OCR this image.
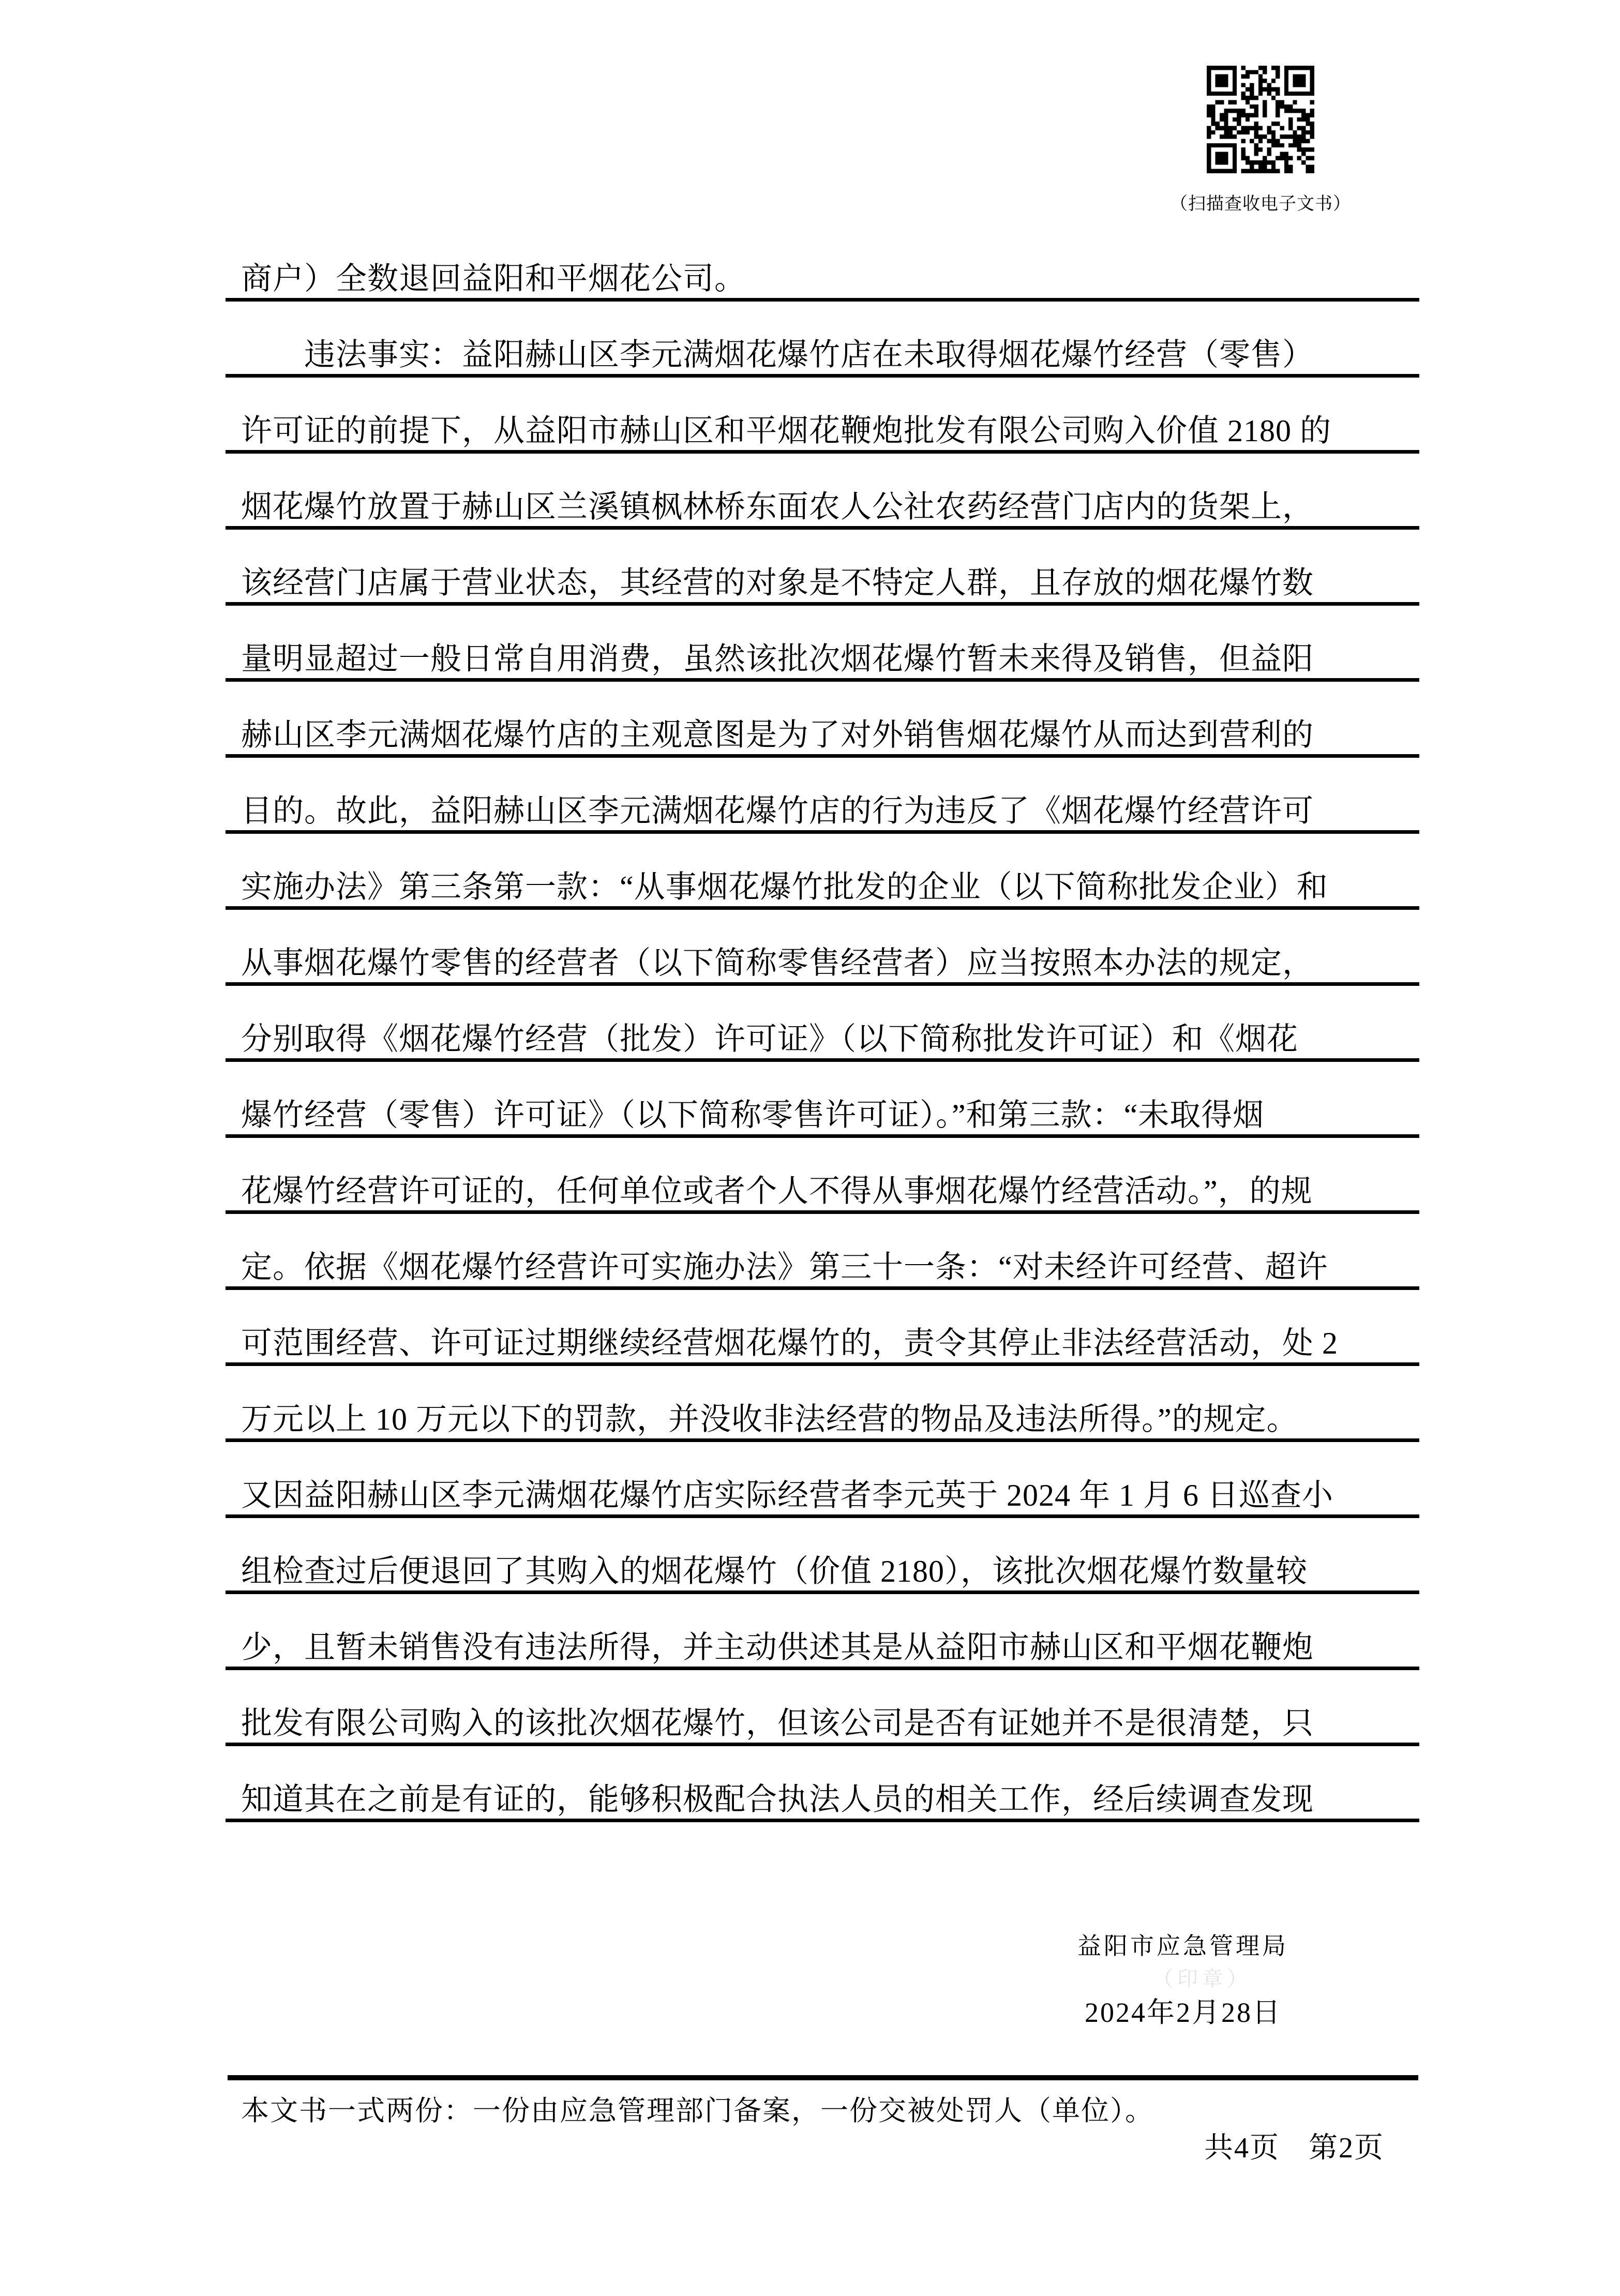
（扫描查收电子文书）
商户）全数退回益阳和平烟花公司。
违法事实：益阳赫山区李元满烟花爆竹店在未取得烟花爆竹经营（零售）
许可证的前提下，从益阳市赫山区和平烟花鞭炮批发有限公司购入价值 2180 的
烟花爆竹放置于赫山区兰溪镇枫林桥东面农人公社农药经营门店内的货架上，
该经营门店属于营业状态，其经营的对象是不特定人群，且存放的烟花爆竹数
量明显超过一般日常自用消费，虽然该批次烟花爆竹暂未来得及销售，但益阳
赫山区李元满烟花爆竹店的主观意图是为了对外销售烟花爆竹从而达到营利的
目的。故此，益阳赫山区李元满烟花爆竹店的行为违反了《烟花爆竹经营许可
实施办法》第三条第一款：“从事烟花爆竹批发的企业（以下简称批发企业）和
从事烟花爆竹零售的经营者（以下简称零售经营者）应当按照本办法的规定，
分别取得《烟花爆竹经营（批发）许可证》（以下简称批发许可证）和《烟花
爆竹经营（零售）许可证》（以下简称零售许可证）。”和第三款：“未取得烟
花爆竹经营许可证的，任何单位或者个人不得从事烟花爆竹经营活动。”，的规
定。依据《烟花爆竹经营许可实施办法》第三十一条：“对未经许可经营、超许
可范围经营、许可证过期继续经营烟花爆竹的，责令其停止非法经营活动，处 2
万元以上 10 万元以下的罚款，并没收非法经营的物品及违法所得。”的规定。
又因益阳赫山区李元满烟花爆竹店实际经营者李元英于 2024 年 1 月 6 日巡查小
组检查过后便退回了其购入的烟花爆竹（价值 2180），该批次烟花爆竹数量较
少，且暂未销售没有违法所得，并主动供述其是从益阳市赫山区和平烟花鞭炮
批发有限公司购入的该批次烟花爆竹，但该公司是否有证她并不是很清楚，只
知道其在之前是有证的，能够积极配合执法人员的相关工作，经后续调查发现
益阳市应急管理局
（印章）
2024年2月28日
本文书一式两份：一份由应急管理部门备案，一份交被处罚人（单位）。
共4页 第2页
